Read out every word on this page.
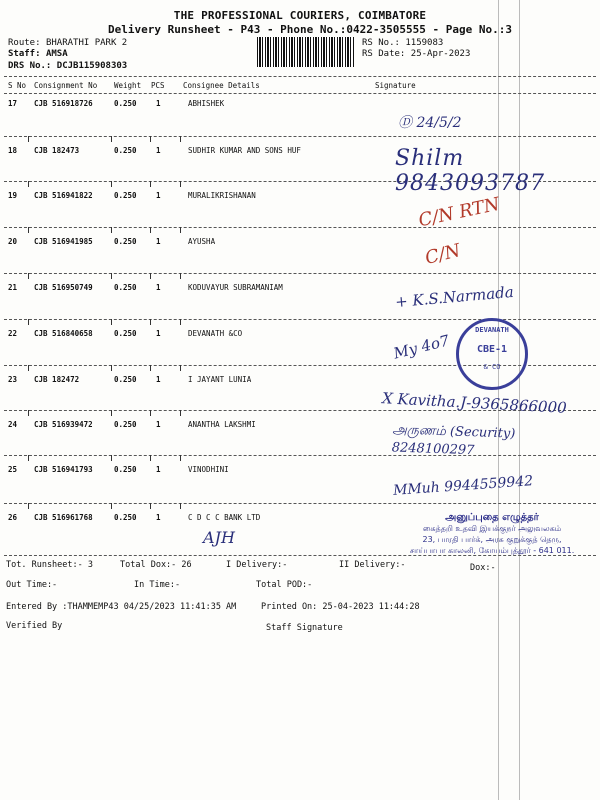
THE PROFESSIONAL COURIERS, COIMBATORE
Delivery Runsheet - P43 - Phone No.:0422-3505555 - Page No.:3
Route: BHARATHI PARK 2
Staff: AMSA
DRS No.: DCJB115908303
RS No.: 1159083
RS Date: 25-Apr-2023
S No Consignment No Weight PCS Consignee Details	Signature
17 CJB 516918726	0.250	1	ABHISHEK
18 CJB 182473	0.250	1	SUDHIR KUMAR AND SONS HUF
19 CJB 516941822	0.250	1	MURALIKRISHANAN
20 CJB 516941985	0.250	1	AYUSHA
21 CJB 516950749	0.250	1	KODUVAYUR SUBRAMANIAM
22 CJB 516840658	0.250	1	DEVANATH &CO
23 CJB 182472	0.250	1	I JAYANT LUNIA
24 CJB 516939472	0.250	1	ANANTHA LAKSHMI
25 CJB 516941793	0.250	1	VINODHINI
26 CJB 516961768	0.250	1	C D C C BANK LTD
Ⓓ 24/5/2
Shilm 9843093787
C/N RTN
C/N
+ K.S.Narmada
My 4o7
X Kavitha.J-9365866000
அருணம் (Security) 8248100297
MMuh 9944559942
AJH
DEVANATH
CBE-1
& CO
அனுப்புதை எழுத்தர்
கைத்தறி உதவி இயக்குநர் அலுவலகம்
23, பாரதி பார்க், அரசு குறுக்குத் தெரு,
சாய்பாபா காலனி, கோயம்புத்தூர் - 641 011.
Tot. Runsheet:- 3	Total Dox:- 26	I Delivery:-	II Delivery:-	Dox:-
Out Time:-	In Time:-	Total POD:-
Entered By :THAMMEMP43 04/25/2023 11:41:35 AM	Printed On: 25-04-2023 11:44:28
Verified By	Staff Signature
